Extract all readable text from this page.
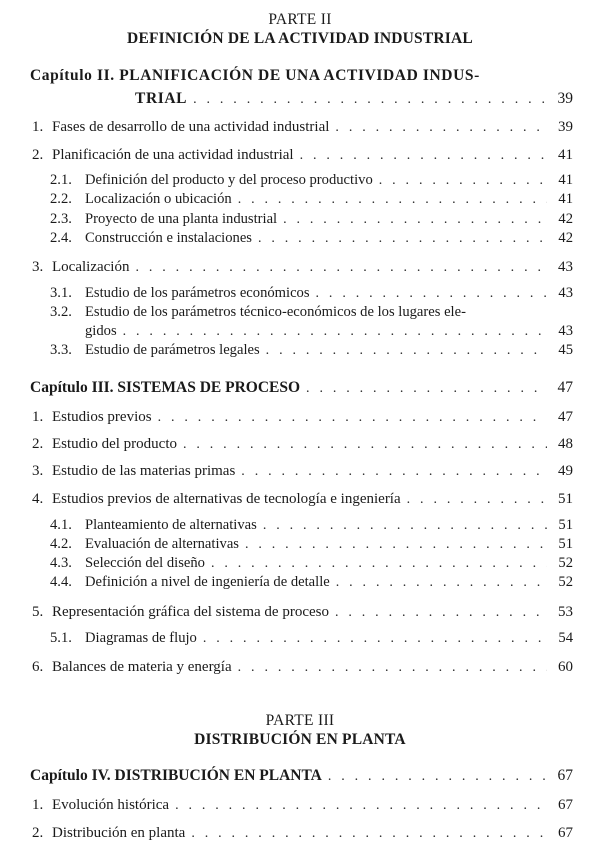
PARTE II
DEFINICIÓN DE LA ACTIVIDAD INDUSTRIAL
Capítulo II. PLANIFICACIÓN DE UNA ACTIVIDAD INDUS-
TRIAL . . .	39
1. Fases de desarrollo de una actividad industrial . . .	39
2. Planificación de una actividad industrial . . .	41
2.1. Definición del producto y del proceso productivo . . .	41
2.2. Localización o ubicación . . .	41
2.3. Proyecto de una planta industrial . . .	42
2.4. Construcción e instalaciones . . .	42
3. Localización . . .	43
3.1. Estudio de los parámetros económicos . . .	43
3.2. Estudio de los parámetros técnico-económicos de los lugares ele-
gidos . . .	43
3.3. Estudio de parámetros legales . . .	45
Capítulo III. SISTEMAS DE PROCESO . . .	47
1. Estudios previos . . .	47
2. Estudio del producto . . .	48
3. Estudio de las materias primas . . .	49
4. Estudios previos de alternativas de tecnología e ingeniería . . .	51
4.1. Planteamiento de alternativas . . .	51
4.2. Evaluación de alternativas . . .	51
4.3. Selección del diseño . . .	52
4.4. Definición a nivel de ingeniería de detalle . . .	52
5. Representación gráfica del sistema de proceso . . .	53
5.1. Diagramas de flujo . . .	54
6. Balances de materia y energía . . .	60
PARTE III
DISTRIBUCIÓN EN PLANTA
Capítulo IV. DISTRIBUCIÓN EN PLANTA . . .	67
1. Evolución histórica . . .	67
2. Distribución en planta . . .	67
